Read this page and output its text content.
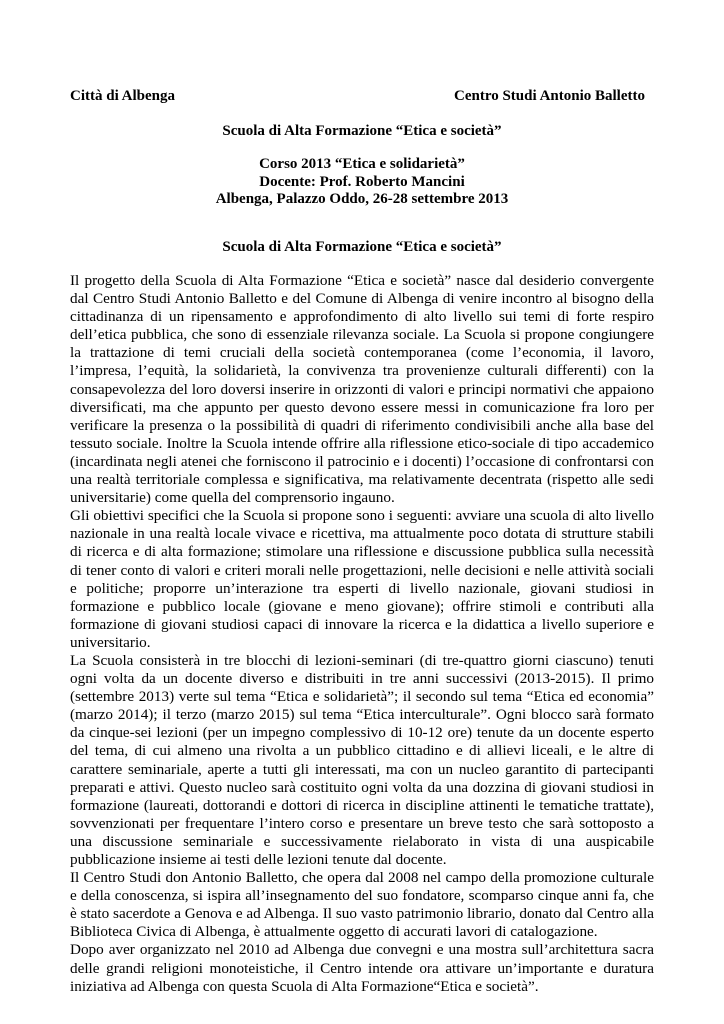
Città di Albenga	Centro Studi Antonio Balletto
Scuola di Alta Formazione “Etica e società”
Corso 2013 “Etica e solidarietà”
Docente: Prof. Roberto Mancini
Albenga, Palazzo Oddo, 26-28 settembre 2013
Scuola di Alta Formazione “Etica e società”

Il progetto della Scuola di Alta Formazione “Etica e società” nasce dal desiderio convergente dal Centro Studi Antonio Balletto e del Comune di Albenga di venire incontro al bisogno della cittadinanza di un ripensamento e approfondimento di alto livello sui temi di forte respiro dell’etica pubblica, che sono di essenziale rilevanza sociale. La Scuola si propone congiungere la trattazione di temi cruciali della società contemporanea (come l’economia, il lavoro, l’impresa, l’equità, la solidarietà, la convivenza tra provenienze culturali differenti) con la consapevolezza del loro doversi inserire in orizzonti di valori e principi normativi che appaiono diversificati, ma che appunto per questo devono essere messi in comunicazione fra loro per verificare la presenza o la possibilità di quadri di riferimento condivisibili anche alla base del tessuto sociale. Inoltre la Scuola intende offrire alla riflessione etico-sociale di tipo accademico (incardinata negli atenei che forniscono il patrocinio e i docenti) l’occasione di confrontarsi con una realtà territoriale complessa e significativa, ma relativamente decentrata (rispetto alle sedi universitarie) come quella del comprensorio ingauno.

Gli obiettivi specifici che la Scuola si propone sono i seguenti: avviare una scuola di alto livello nazionale in una realtà locale vivace e ricettiva, ma attualmente poco dotata di strutture stabili di ricerca e di alta formazione; stimolare una riflessione e discussione pubblica sulla necessità di tener conto di valori e criteri morali nelle progettazioni, nelle decisioni e nelle attività sociali e politiche; proporre un’interazione tra esperti di livello nazionale, giovani studiosi in formazione e pubblico locale (giovane e meno giovane); offrire stimoli e contributi alla formazione di giovani studiosi capaci di innovare la ricerca e la didattica a livello superiore e universitario.

La Scuola consisterà in tre blocchi di lezioni-seminari (di tre-quattro giorni ciascuno) tenuti ogni volta da un docente diverso e distribuiti in tre anni successivi (2013-2015). Il primo (settembre 2013) verte sul tema “Etica e solidarietà”; il secondo sul tema “Etica ed economia” (marzo 2014); il terzo (marzo 2015) sul tema “Etica interculturale”. Ogni blocco sarà formato da cinque-sei lezioni (per un impegno complessivo di 10-12 ore) tenute da un docente esperto del tema, di cui almeno una rivolta a un pubblico cittadino e di allievi liceali, e le altre di carattere seminariale, aperte a tutti gli interessati, ma con un nucleo garantito di partecipanti preparati e attivi. Questo nucleo sarà costituito ogni volta da una dozzina di giovani studiosi in formazione (laureati, dottorandi e dottori di ricerca in discipline attinenti le tematiche trattate), sovvenzionati per frequentare l’intero corso e presentare un breve testo che sarà sottoposto a una discussione seminariale e successivamente rielaborato in vista di una auspicabile pubblicazione insieme ai testi delle lezioni tenute dal docente.

Il Centro Studi don Antonio Balletto, che opera dal 2008 nel campo della promozione culturale e della conoscenza, si ispira all’insegnamento del suo fondatore, scomparso cinque anni fa, che è stato sacerdote a Genova e ad Albenga. Il suo vasto patrimonio librario, donato dal Centro alla Biblioteca Civica di Albenga, è attualmente oggetto di accurati lavori di catalogazione.

Dopo aver organizzato nel 2010 ad Albenga due convegni e una mostra sull’architettura sacra delle grandi religioni monoteistiche, il Centro intende ora attivare un’importante e duratura iniziativa ad Albenga con questa Scuola di Alta Formazione“Etica e società”.
